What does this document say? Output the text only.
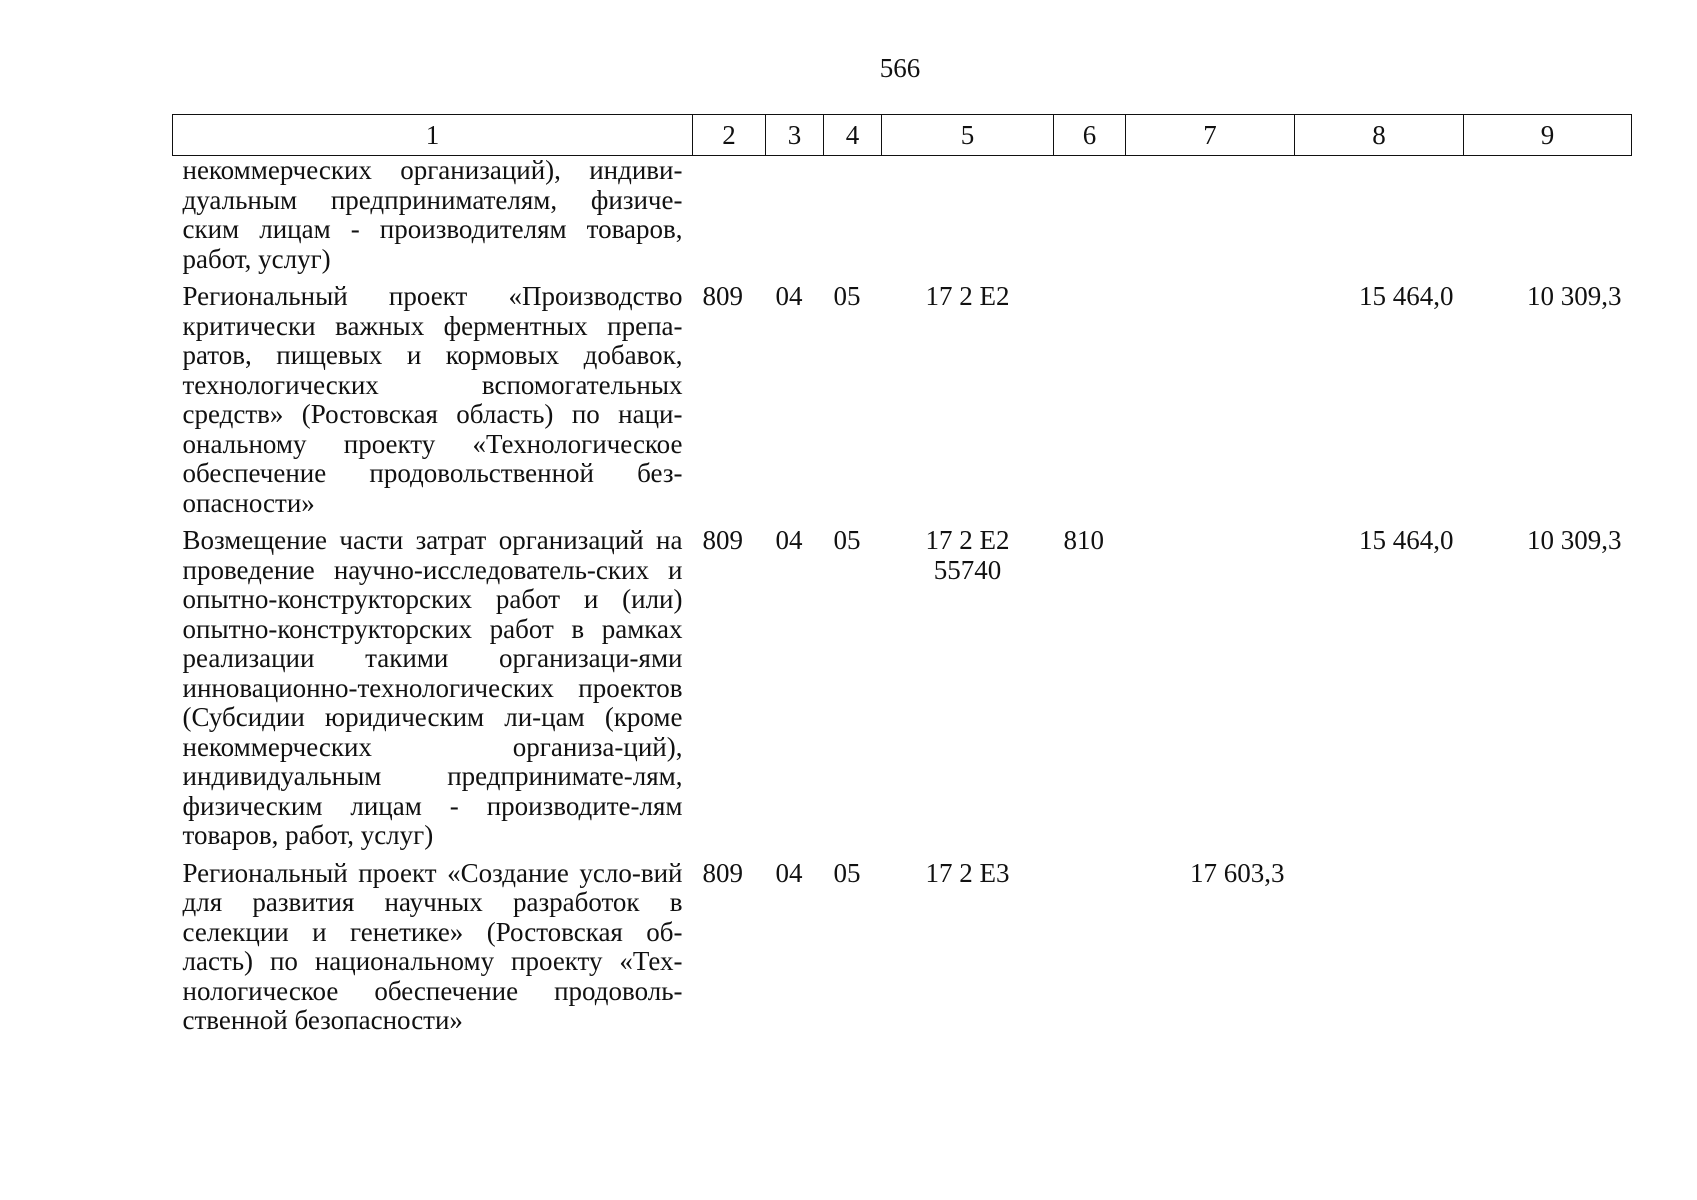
566
1	2	3	4	5	6	7	8	9
некоммерческих организаций), индиви-дуальным предпринимателям, физиче-ским лицам - производителям товаров, работ, услуг)								
Региональный проект «Производство критически важных ферментных препа-ратов, пищевых и кормовых добавок, технологических вспомогательных средств» (Ростовская область) по наци-ональному проекту «Технологическое обеспечение продовольственной без-опасности»	809	04	05	17 2 E2			15 464,0	10 309,3
Возмещение части затрат организаций на проведение научно-исследователь-ских и опытно-конструкторских работ и (или) опытно-конструкторских работ в рамках реализации такими организаци-ями инновационно-технологических проектов (Субсидии юридическим ли-цам (кроме некоммерческих организа-ций), индивидуальным предпринимате-лям, физическим лицам - производите-лям товаров, работ, услуг)	809	04	05	17 2 E2 55740	810		15 464,0	10 309,3
Региональный проект «Создание усло-вий для развития научных разработок в селекции и генетике» (Ростовская об-ласть) по национальному проекту «Тех-нологическое обеспечение продоволь-ственной безопасности»	809	04	05	17 2 E3		17 603,3		
